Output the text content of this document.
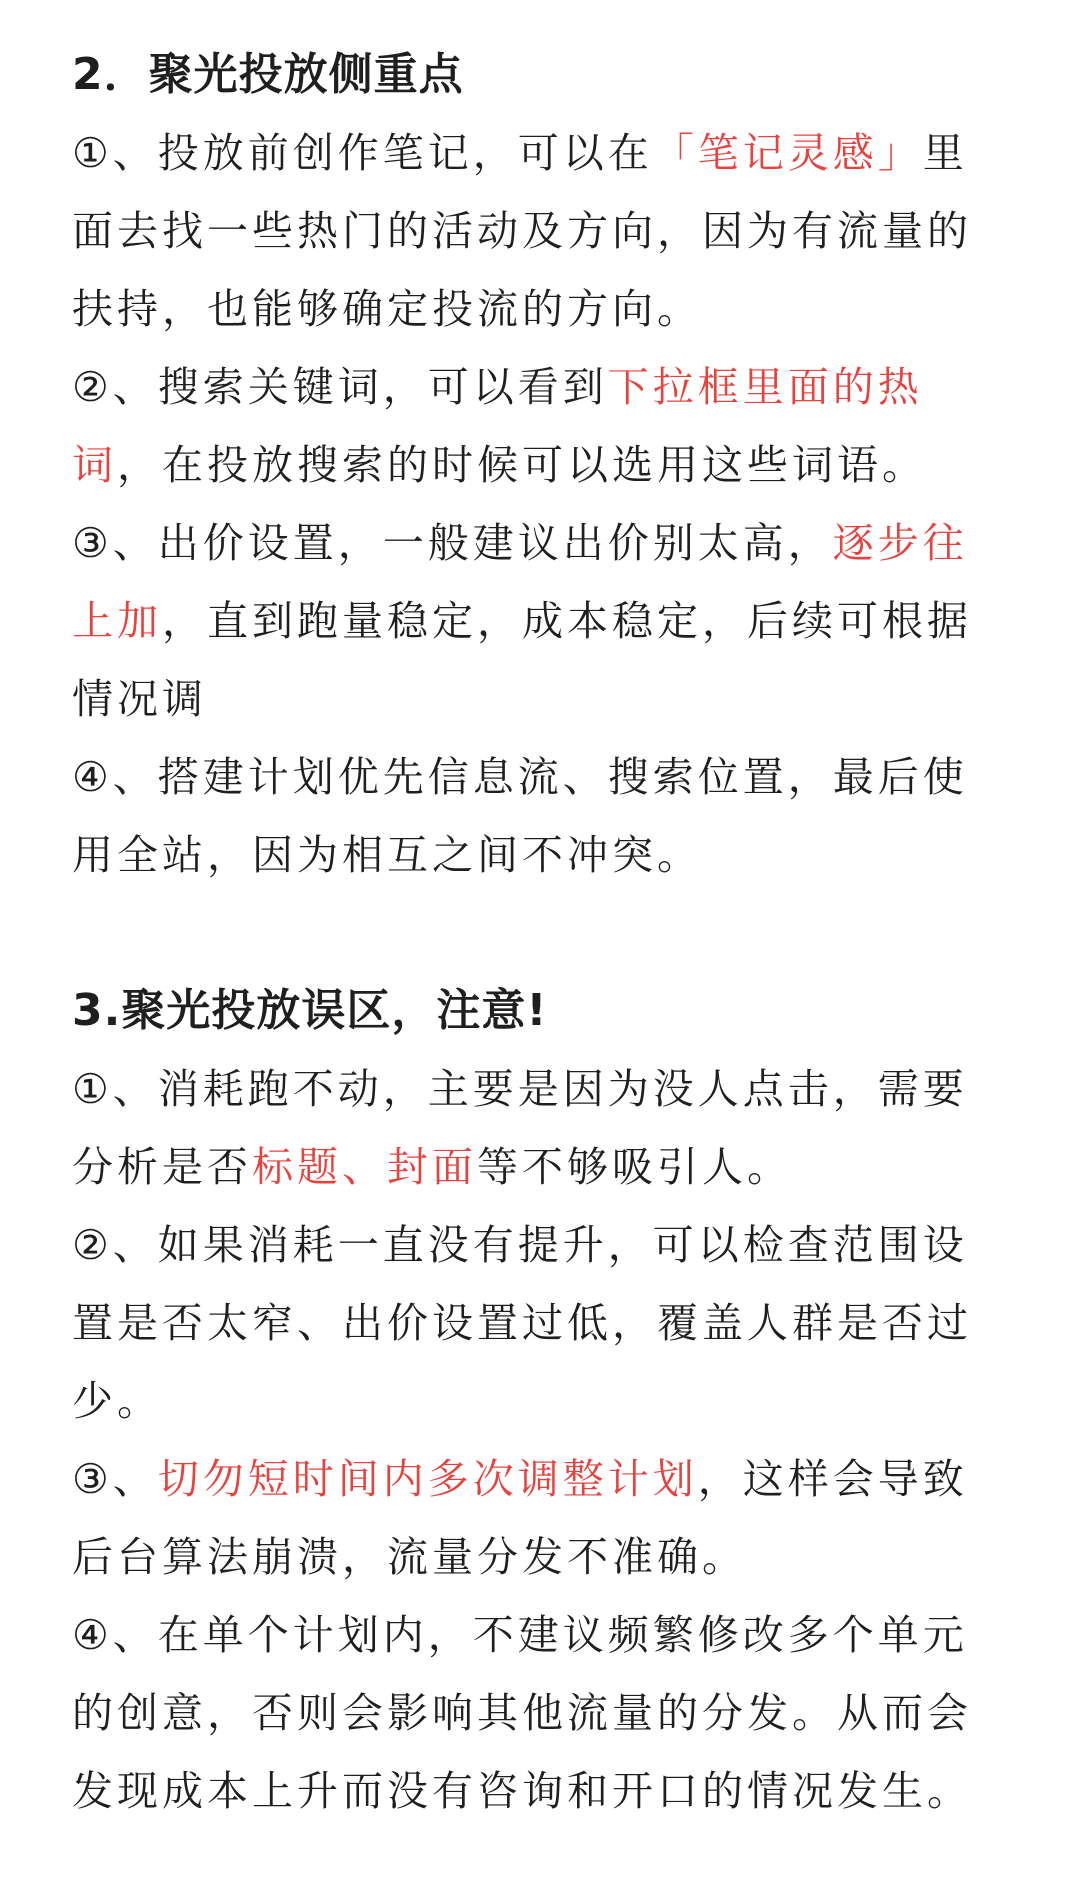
2．聚光投放侧重点

①、投放前创作笔记，可以在「笔记灵感」里面去找一些热门的活动及方向，因为有流量的扶持，也能够确定投流的方向。

②、搜索关键词，可以看到下拉框里面的热词，在投放搜索的时候可以选用这些词语。

③、出价设置，一般建议出价别太高，逐步往上加，直到跑量稳定，成本稳定，后续可根据情况调

④、搭建计划优先信息流、搜索位置，最后使用全站，因为相互之间不冲突。

3.聚光投放误区，注意!

①、消耗跑不动，主要是因为没人点击，需要分析是否标题、封面等不够吸引人。

②、如果消耗一直没有提升，可以检查范围设置是否太窄、出价设置过低，覆盖人群是否过少。

③、切勿短时间内多次调整计划，这样会导致后台算法崩溃，流量分发不准确。

④、在单个计划内，不建议频繁修改多个单元的创意，否则会影响其他流量的分发。从而会发现成本上升而没有咨询和开口的情况发生。
